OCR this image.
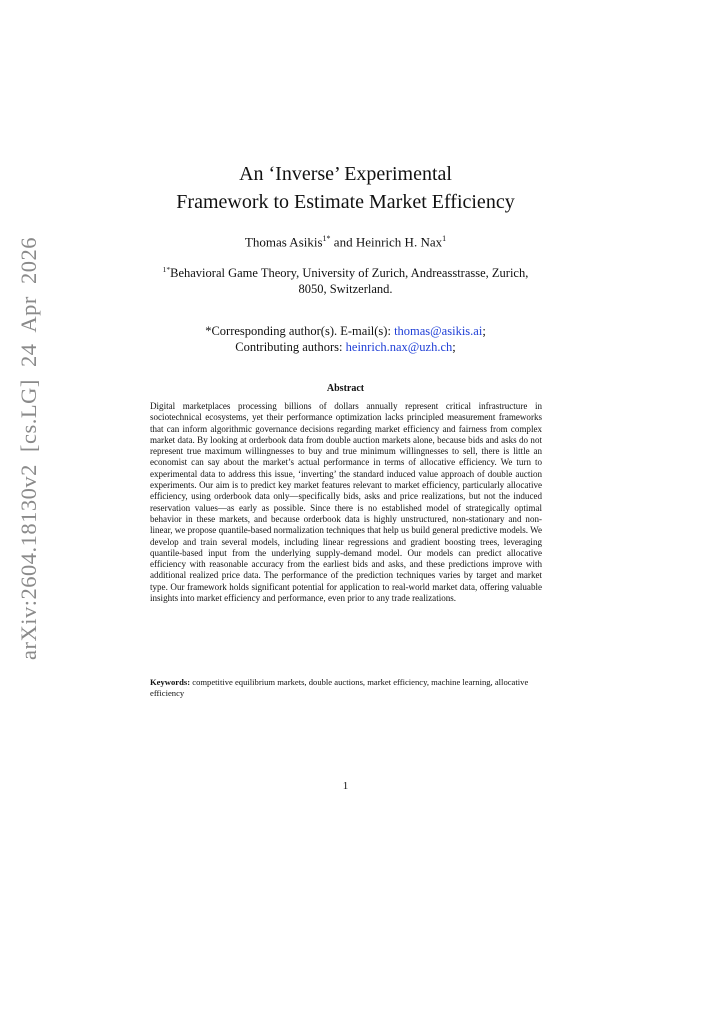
arXiv:2604.18130v2 [cs.LG] 24 Apr 2026
An ‘Inverse’ Experimental
Framework to Estimate Market Efficiency
Thomas Asikis$^{1*}$ and Heinrich H. Nax$^1$
$^{1*}$Behavioral Game Theory, University of Zurich, Andreasstrasse, Zurich,
8050, Switzerland.
*Corresponding author(s). E-mail(s): thomas@asikis.ai;
Contributing authors: heinrich.nax@uzh.ch;
Abstract
Digital marketplaces processing billions of dollars annually represent critical infrastructure in sociotechnical ecosystems, yet their performance optimization lacks principled measurement frameworks that can inform algorithmic governance decisions regarding market efficiency and fairness from complex market data. By looking at orderbook data from double auction markets alone, because bids and asks do not represent true maximum willingnesses to buy and true minimum willingnesses to sell, there is little an economist can say about the market’s actual performance in terms of allocative efficiency. We turn to experimental data to address this issue, ‘inverting’ the standard induced value approach of double auction experiments. Our aim is to predict key market features relevant to market efficiency, particularly allocative efficiency, using orderbook data only—specifically bids, asks and price realizations, but not the induced reservation values—as early as possible. Since there is no established model of strategically optimal behavior in these markets, and because orderbook data is highly unstructured, non-stationary and non-linear, we propose quantile-based normalization techniques that help us build general predictive models. We develop and train several models, including linear regressions and gradient boosting trees, leveraging quantile-based input from the underlying supply-demand model. Our models can predict allocative efficiency with reasonable accuracy from the earliest bids and asks, and these predictions improve with additional realized price data. The performance of the prediction techniques varies by target and market type. Our framework holds significant potential for application to real-world market data, offering valuable insights into market efficiency and performance, even prior to any trade realizations.
Keywords: competitive equilibrium markets, double auctions, market efficiency, machine learning, allocative efficiency
1
